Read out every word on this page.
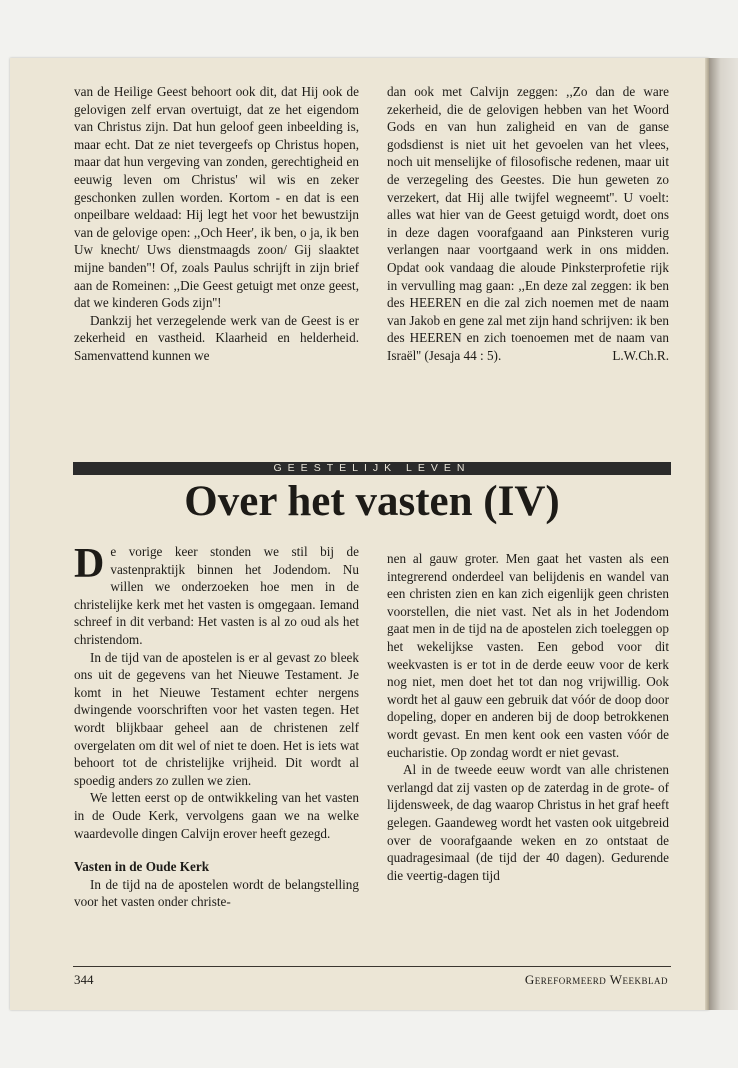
van de Heilige Geest behoort ook dit, dat Hij ook de gelovigen zelf ervan overtuigt, dat ze het eigendom van Christus zijn. Dat hun geloof geen inbeelding is, maar echt. Dat ze niet tevergeefs op Christus hopen, maar dat hun vergeving van zonden, gerechtigheid en eeuwig leven om Christus' wil wis en zeker geschonken zullen worden. Kortom - en dat is een onpeilbare weldaad: Hij legt het voor het bewustzijn van de gelovige open: ,,Och Heer', ik ben, o ja, ik ben Uw knecht/ Uws dienstmaagds zoon/ Gij slaaktet mijne banden''! Of, zoals Paulus schrijft in zijn brief aan de Romeinen: ,,Die Geest getuigt met onze geest, dat we kinderen Gods zijn''!

Dankzij het verzegelende werk van de Geest is er zekerheid en vastheid. Klaarheid en helderheid. Samenvattend kunnen we

dan ook met Calvijn zeggen: ,,Zo dan de ware zekerheid, die de gelovigen hebben van het Woord Gods en van hun zaligheid en van de ganse godsdienst is niet uit het gevoelen van het vlees, noch uit menselijke of filosofische redenen, maar uit de verzegeling des Geestes. Die hun geweten zo verzekert, dat Hij alle twijfel wegneemt''. U voelt: alles wat hier van de Geest getuigd wordt, doet ons in deze dagen voorafgaand aan Pinksteren vurig verlangen naar voortgaand werk in ons midden. Opdat ook vandaag die aloude Pinksterprofetie rijk in vervulling mag gaan: ,,En deze zal zeggen: ik ben des HEEREN en die zal zich noemen met de naam van Jakob en gene zal met zijn hand schrijven: ik ben des HEEREN en zich toenoemen met de naam van Israël'' (Jesaja 44 : 5).	L.W.Ch.R.

GEESTELIJK LEVEN
Over het vasten (IV)

De vorige keer stonden we stil bij de vastenpraktijk binnen het Jodendom. Nu willen we onderzoeken hoe men in de christelijke kerk met het vasten is omgegaan. Iemand schreef in dit verband: Het vasten is al zo oud als het christendom.

In de tijd van de apostelen is er al gevast zo bleek ons uit de gegevens van het Nieuwe Testament. Je komt in het Nieuwe Testament echter nergens dwingende voorschriften voor het vasten tegen. Het wordt blijkbaar geheel aan de christenen zelf overgelaten om dit wel of niet te doen. Het is iets wat behoort tot de christelijke vrijheid. Dit wordt al spoedig anders zo zullen we zien.

We letten eerst op de ontwikkeling van het vasten in de Oude Kerk, vervolgens gaan we na welke waardevolle dingen Calvijn erover heeft gezegd.

Vasten in de Oude Kerk

In de tijd na de apostelen wordt de belangstelling voor het vasten onder christe-

nen al gauw groter. Men gaat het vasten als een integrerend onderdeel van belijdenis en wandel van een christen zien en kan zich eigenlijk geen christen voorstellen, die niet vast. Net als in het Jodendom gaat men in de tijd na de apostelen zich toeleggen op het wekelijkse vasten. Een gebod voor dit weekvasten is er tot in de derde eeuw voor de kerk nog niet, men doet het tot dan nog vrijwillig. Ook wordt het al gauw een gebruik dat vóór de doop door dopeling, doper en anderen bij de doop betrokkenen wordt gevast. En men kent ook een vasten vóór de eucharistie. Op zondag wordt er niet gevast.

Al in de tweede eeuw wordt van alle christenen verlangd dat zij vasten op de zaterdag in de grote- of lijdensweek, de dag waarop Christus in het graf heeft gelegen. Gaandeweg wordt het vasten ook uitgebreid over de voorafgaande weken en zo ontstaat de quadragesimaal (de tijd der 40 dagen). Gedurende die veertig-dagen tijd

344	Gereformeerd Weekblad
